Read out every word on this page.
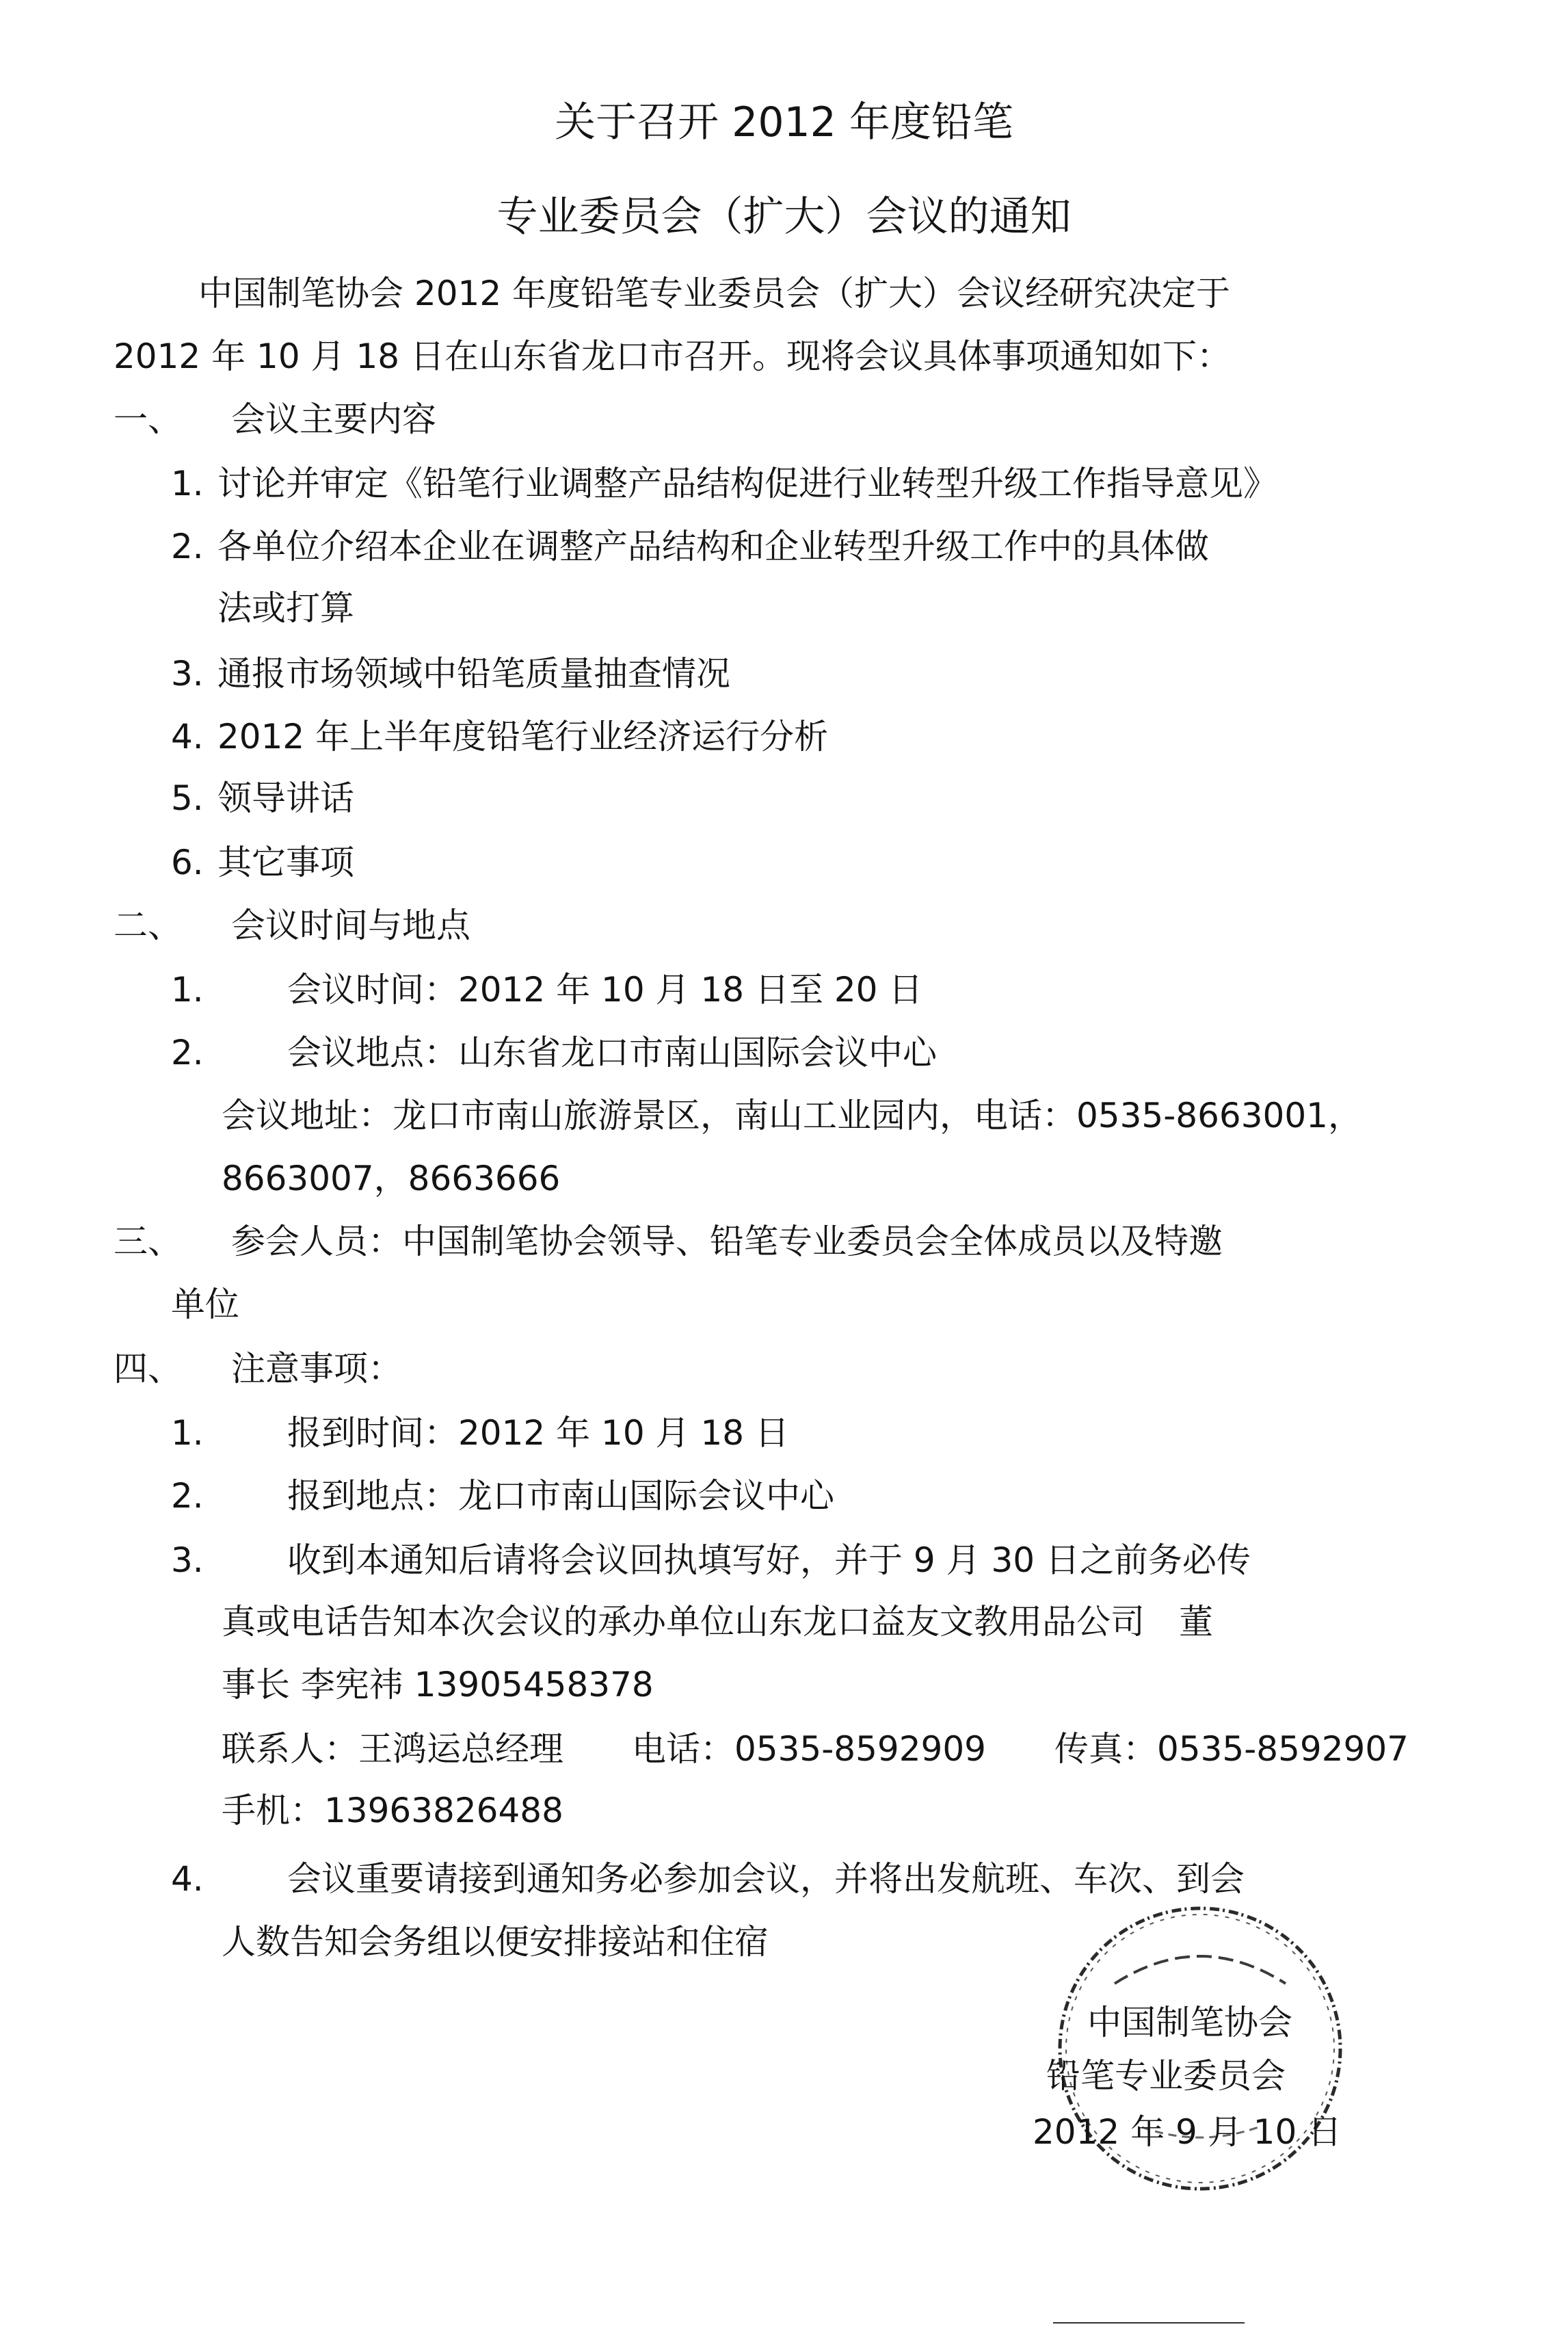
关于召开 2012 年度铅笔
专业委员会（扩大）会议的通知
中国制笔协会 2012 年度铅笔专业委员会（扩大）会议经研究决定于
2012 年 10 月 18 日在山东省龙口市召开。现将会议具体事项通知如下：
一、 会议主要内容
1. 讨论并审定《铅笔行业调整产品结构促进行业转型升级工作指导意见》
2. 各单位介绍本企业在调整产品结构和企业转型升级工作中的具体做
法或打算
3. 通报市场领域中铅笔质量抽查情况
4. 2012 年上半年度铅笔行业经济运行分析
5. 领导讲话
6. 其它事项
二、 会议时间与地点
1. 会议时间：2012 年 10 月 18 日至 20 日
2. 会议地点：山东省龙口市南山国际会议中心
会议地址：龙口市南山旅游景区，南山工业园内，电话：0535-8663001，
8663007，8663666
三、 参会人员：中国制笔协会领导、铅笔专业委员会全体成员以及特邀
单位
四、 注意事项：
1. 报到时间：2012 年 10 月 18 日
2. 报到地点：龙口市南山国际会议中心
3. 收到本通知后请将会议回执填写好，并于 9 月 30 日之前务必传
真或电话告知本次会议的承办单位山东龙口益友文教用品公司　董
事长 李宪祎 13905458378
联系人：王鸿运总经理　　电话：0535-8592909　　传真：0535-8592907
手机：13963826488
4. 会议重要请接到通知务必参加会议，并将出发航班、车次、到会
人数告知会务组以便安排接站和住宿
中国制笔协会
铅笔专业委员会
2012 年 9 月 10 日
